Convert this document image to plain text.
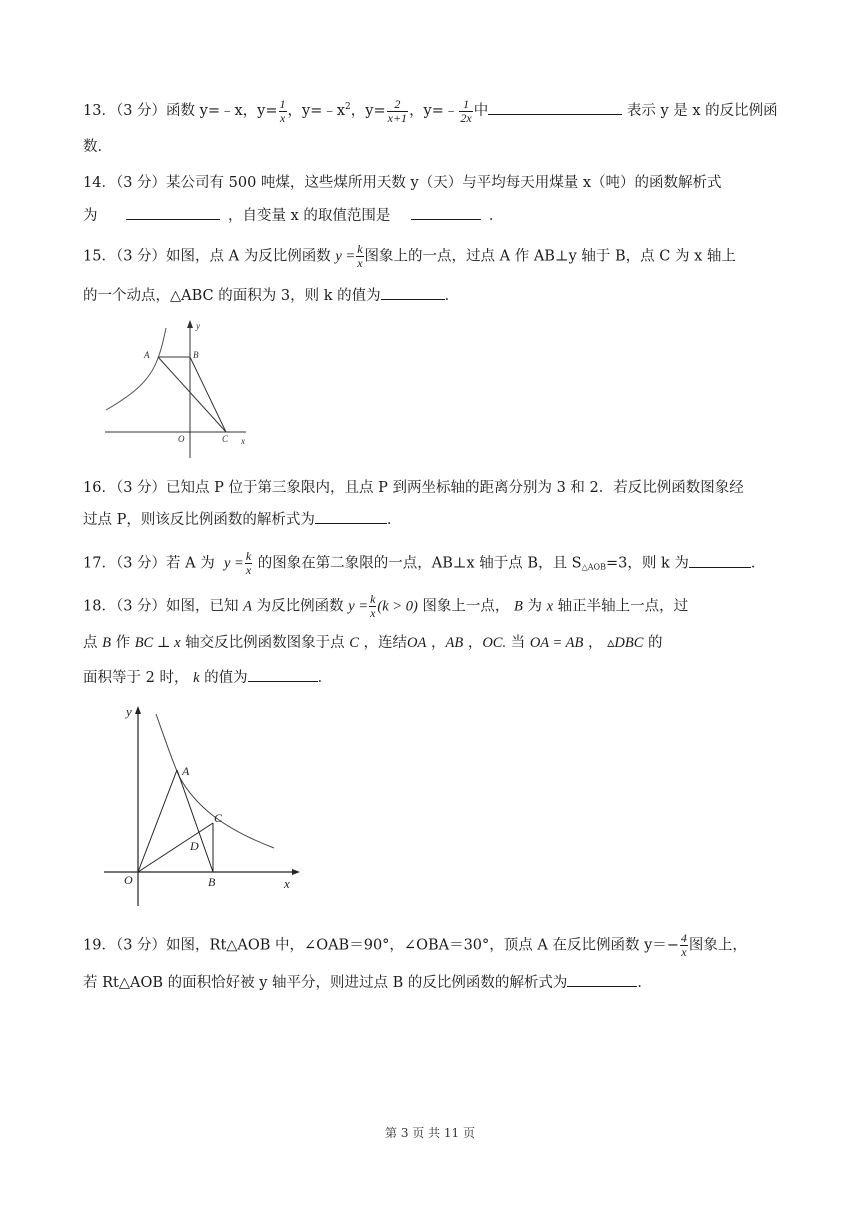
13．（3 分）函数 y=﹣x，$y= \frac{1}{x}$ ，$y=﹣x^2$，$y= \frac{2}{x+1}$ ，y=﹣ $\frac{1}{2x}$ 中	表示 y 是 x 的反比例函
数．
14．（3 分）某公司有 500 吨煤，这些煤所用天数 y（天）与平均每天用煤量 x（吨）的函数解析式
为　	，自变量 x 的取值范围是　	．
15．（3 分）如图，点 A 为反比例函数 $y = \frac{k}{x}$ 图象上的一点，过点 A 作 AB⊥y 轴于 B，点 C 为 x 轴上
的一个动点，△ABC 的面积为 3，则 k 的值为	．
y
A	B
O	C x
16．（3 分）已知点 P 位于第三象限内，且点 P 到两坐标轴的距离分别为 3 和 2．若反比例函数图象经
过点 P，则该反比例函数的解析式为	．
17．（3 分）若 A 为 $y = \frac{k}{x}$ 的图象在第二象限的一点，AB⊥x 轴于点 B，且 $S_{\triangle AOB}=3$，则 k 为	．
18．（3 分）如图，已知 A 为反比例函数 $y = \frac{k}{x} (k > 0)$ 图象上一点， B 为 x 轴正半轴上一点，过
点 B 作 BC ⊥ x 轴交反比例函数图象于点 C ，连结OA ，AB ，OC. 当 OA = AB ， ▵DBC 的
面积等于 2 时， k 的值为	．
y
A
C
D
O	B	x
19．（3 分）如图，Rt△AOB 中，∠OAB＝90°，∠OBA＝30°，顶点 A 在反比例函数 $y=- \frac{4}{x}$ 图象上，
若 Rt△AOB 的面积恰好被 y 轴平分，则进过点 B 的反比例函数的解析式为	．
第 3 页 共 11 页
